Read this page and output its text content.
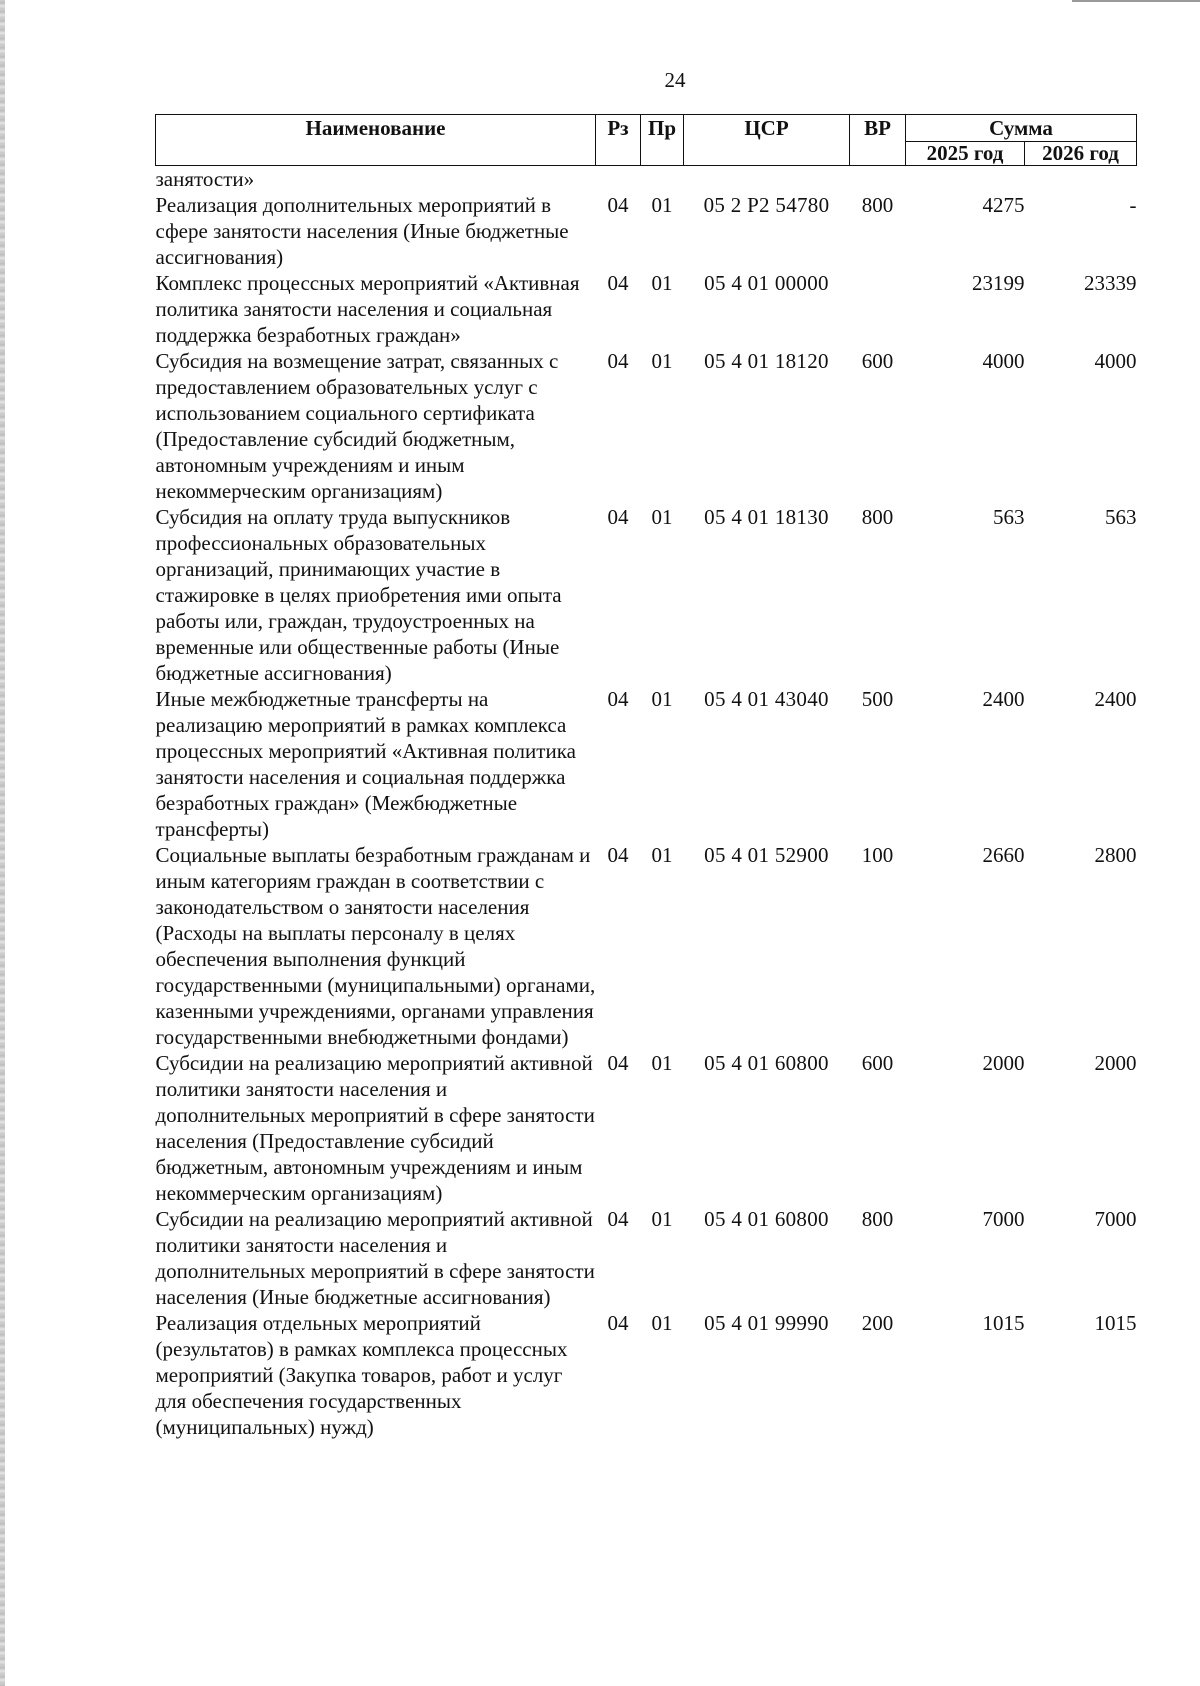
24
Наименование	Рз	Пр	ЦСР	ВР	Сумма	
					2025 год	2026 год
занятости»						
Реализация дополнительных мероприятий в сфере занятости населения (Иные бюджетные ассигнования)	04	01	05 2 Р2 54780	800	4275	-
Комплекс процессных мероприятий «Активная политика занятости населения и социальная поддержка безработных граждан»	04	01	05 4 01 00000		23199	23339
Субсидия на возмещение затрат, связанных с предоставлением образовательных услуг с использованием социального сертификата (Предоставление субсидий бюджетным, автономным учреждениям и иным некоммерческим организациям)	04	01	05 4 01 18120	600	4000	4000
Субсидия на оплату труда выпускников профессиональных образовательных организаций, принимающих участие в стажировке в целях приобретения ими опыта работы или, граждан, трудоустроенных на временные или общественные работы (Иные бюджетные ассигнования)	04	01	05 4 01 18130	800	563	563
Иные межбюджетные трансферты на реализацию мероприятий в рамках комплекса процессных мероприятий «Активная политика занятости населения и социальная поддержка безработных граждан» (Межбюджетные трансферты)	04	01	05 4 01 43040	500	2400	2400
Социальные выплаты безработным гражданам и иным категориям граждан в соответствии с законодательством о занятости населения (Расходы на выплаты персоналу в целях обеспечения выполнения функций государственными (муниципальными) органами, казенными учреждениями, органами управления государственными внебюджетными фондами)	04	01	05 4 01 52900	100	2660	2800
Субсидии на реализацию мероприятий активной политики занятости населения и дополнительных мероприятий в сфере занятости населения (Предоставление субсидий бюджетным, автономным учреждениям и иным некоммерческим организациям)	04	01	05 4 01 60800	600	2000	2000
Субсидии на реализацию мероприятий активной политики занятости населения и дополнительных мероприятий в сфере занятости населения (Иные бюджетные ассигнования)	04	01	05 4 01 60800	800	7000	7000
Реализация отдельных мероприятий (результатов) в рамках комплекса процессных мероприятий (Закупка товаров, работ и услуг для обеспечения государственных (муниципальных) нужд)	04	01	05 4 01 99990	200	1015	1015
